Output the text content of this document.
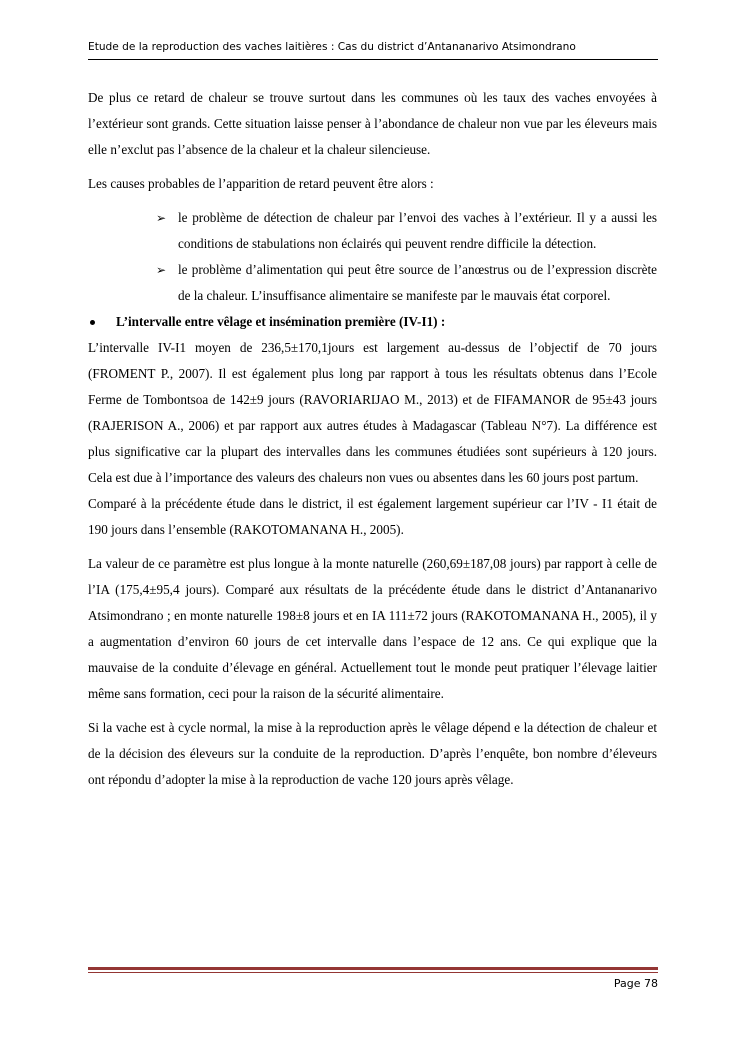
Etude de la reproduction des vaches laitières : Cas du district d’Antananarivo Atsimondrano

De plus ce retard de chaleur se trouve surtout dans les communes où les taux des vaches envoyées à l’extérieur sont grands. Cette situation laisse penser à l’abondance de chaleur non vue par les éleveurs mais elle n’exclut pas l’absence de la chaleur et la chaleur silencieuse.

Les causes probables de l’apparition de retard peuvent être alors :

➢ le problème de détection de chaleur par l’envoi des vaches à l’extérieur. Il y a aussi les conditions de stabulations non éclairés qui peuvent rendre difficile la détection.
➢ le problème d’alimentation qui peut être source de l’anœstrus ou de l’expression discrète de la chaleur. L’insuffisance alimentaire se manifeste par le mauvais état corporel.

L’intervalle entre vêlage et insémination première (IV-I1) :

L’intervalle IV-I1 moyen de 236,5±170,1jours est largement au-dessus de l’objectif de 70 jours (FROMENT P., 2007). Il est également plus long par rapport à tous les résultats obtenus dans l’Ecole Ferme de Tombontsoa de 142±9 jours (RAVORIARIJAO M., 2013) et de FIFAMANOR de 95±43 jours (RAJERISON A., 2006) et par rapport aux autres études à Madagascar (Tableau N°7). La différence est plus significative car la plupart des intervalles dans les communes étudiées sont supérieurs à 120 jours. Cela est due à l’importance des valeurs des chaleurs non vues ou absentes dans les 60 jours post partum.

Comparé à la précédente étude dans le district, il est également largement supérieur car l’IV - I1 était de 190 jours dans l’ensemble (RAKOTOMANANA H., 2005).

La valeur de ce paramètre est plus longue à la monte naturelle (260,69±187,08 jours) par rapport à celle de l’IA (175,4±95,4 jours). Comparé aux résultats de la précédente étude dans le district d’Antananarivo Atsimondrano ; en monte naturelle 198±8 jours et en IA 111±72 jours (RAKOTOMANANA H., 2005), il y a augmentation d’environ 60 jours de cet intervalle dans l’espace de 12 ans. Ce qui explique que la mauvaise de la conduite d’élevage en général. Actuellement tout le monde peut pratiquer l’élevage laitier même sans formation, ceci pour la raison de la sécurité alimentaire.

Si la vache est à cycle normal, la mise à la reproduction après le vêlage dépend e la détection de chaleur et de la décision des éleveurs sur la conduite de la reproduction. D’après l’enquête, bon nombre d’éleveurs ont répondu d’adopter la mise à la reproduction de vache 120 jours après vêlage.

Page 78
